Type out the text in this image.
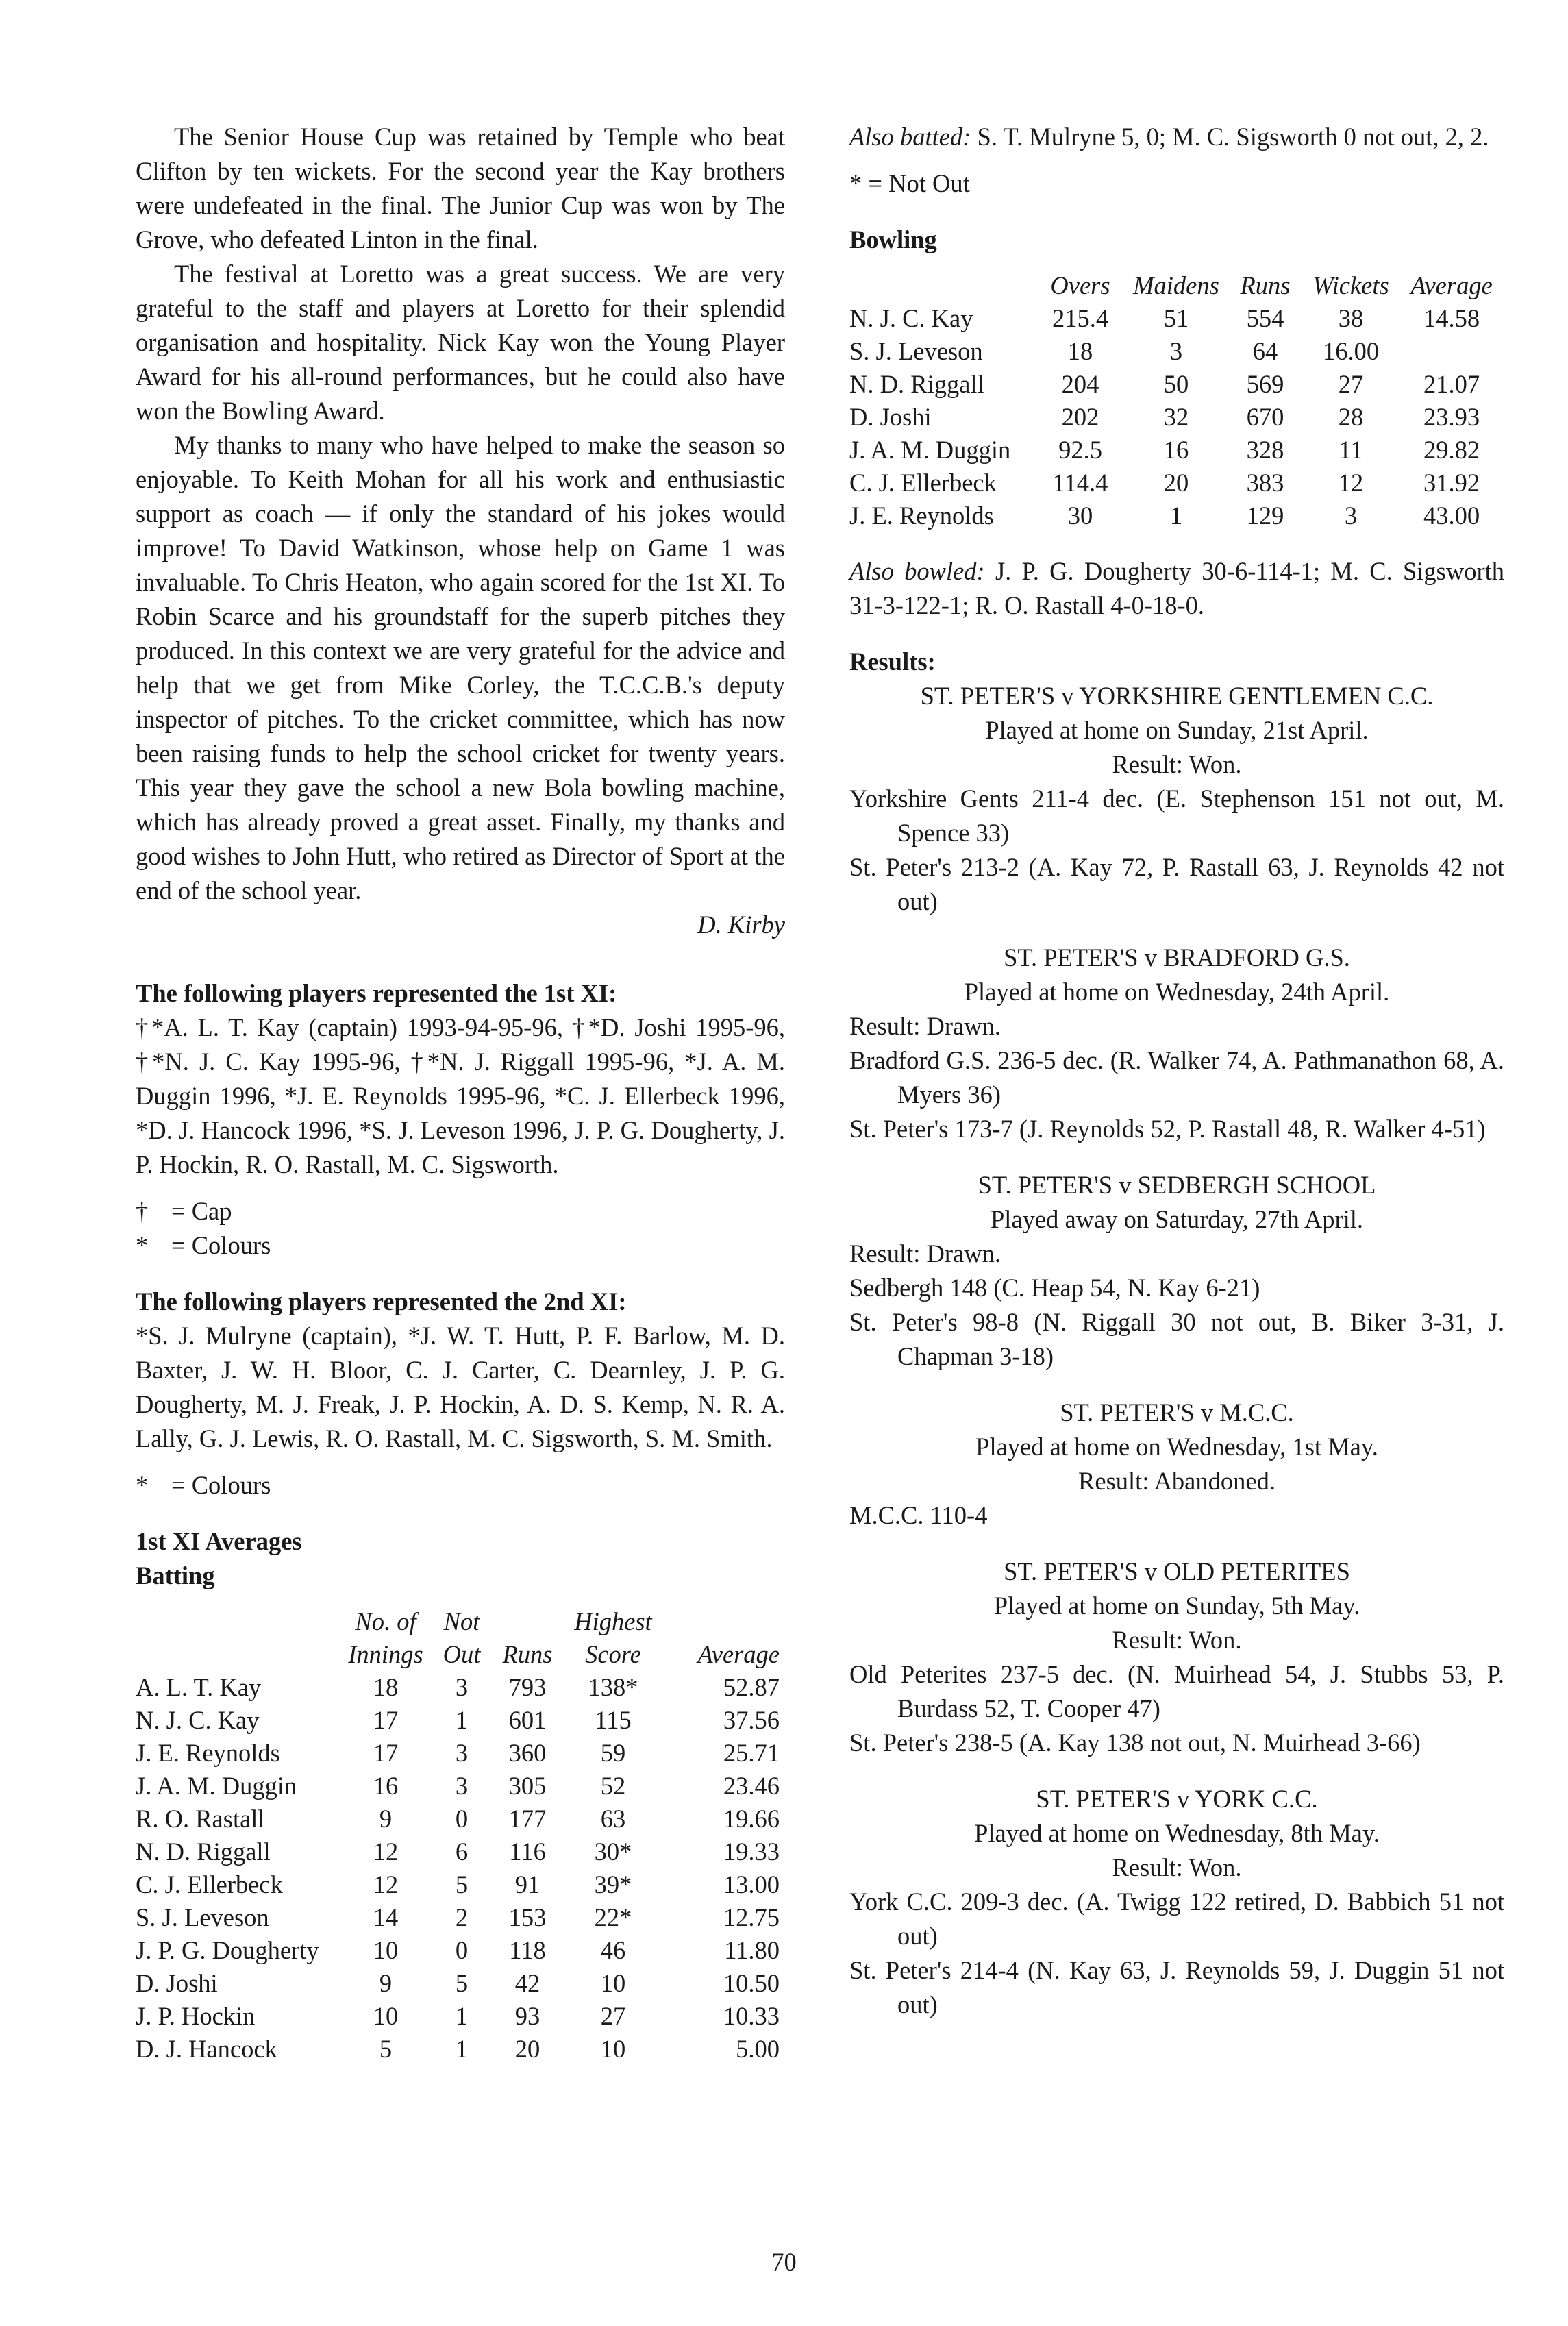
The Senior House Cup was retained by Temple who beat Clifton by ten wickets. For the second year the Kay brothers were undefeated in the final. The Junior Cup was won by The Grove, who defeated Linton in the final.

The festival at Loretto was a great success. We are very grateful to the staff and players at Loretto for their splendid organisation and hospitality. Nick Kay won the Young Player Award for his all-round performances, but he could also have won the Bowling Award.

My thanks to many who have helped to make the season so enjoyable. To Keith Mohan for all his work and enthusiastic support as coach — if only the standard of his jokes would improve! To David Watkinson, whose help on Game 1 was invaluable. To Chris Heaton, who again scored for the 1st XI. To Robin Scarce and his groundstaff for the superb pitches they produced. In this context we are very grateful for the advice and help that we get from Mike Corley, the T.C.C.B.'s deputy inspector of pitches. To the cricket committee, which has now been raising funds to help the school cricket for twenty years. This year they gave the school a new Bola bowling machine, which has already proved a great asset. Finally, my thanks and good wishes to John Hutt, who retired as Director of Sport at the end of the school year.

D. Kirby

The following players represented the 1st XI:

†*A. L. T. Kay (captain) 1993-94-95-96, †*D. Joshi 1995-96, †*N. J. C. Kay 1995-96, †*N. J. Riggall 1995-96, *J. A. M. Duggin 1996, *J. E. Reynolds 1995-96, *C. J. Ellerbeck 1996, *D. J. Hancock 1996, *S. J. Leveson 1996, J. P. G. Dougherty, J. P. Hockin, R. O. Rastall, M. C. Sigsworth.

† = Cap
* = Colours

The following players represented the 2nd XI:

*S. J. Mulryne (captain), *J. W. T. Hutt, P. F. Barlow, M. D. Baxter, J. W. H. Bloor, C. J. Carter, C. Dearnley, J. P. G. Dougherty, M. J. Freak, J. P. Hockin, A. D. S. Kemp, N. R. A. Lally, G. J. Lewis, R. O. Rastall, M. C. Sigsworth, S. M. Smith.

* = Colours

1st XI Averages

Batting

	No. of	Not		Highest	
	Innings	Out	Runs	Score	Average
A. L. T. Kay	18	3	793	138*	52.87
N. J. C. Kay	17	1	601	115	37.56
J. E. Reynolds	17	3	360	59	25.71
J. A. M. Duggin	16	3	305	52	23.46
R. O. Rastall	9	0	177	63	19.66
N. D. Riggall	12	6	116	30*	19.33
C. J. Ellerbeck	12	5	91	39*	13.00
S. J. Leveson	14	2	153	22*	12.75
J. P. G. Dougherty	10	0	118	46	11.80
D. Joshi	9	5	42	10	10.50
J. P. Hockin	10	1	93	27	10.33
D. J. Hancock	5	1	20	10	5.00

Also batted: S. T. Mulryne 5, 0; M. C. Sigsworth 0 not out, 2, 2.

* = Not Out

Bowling

	Overs	Maidens	Runs	Wickets	Average
N. J. C. Kay	215.4	51	554	38	14.58
S. J. Leveson	18	3	64	16.00	
N. D. Riggall	204	50	569	27	21.07
D. Joshi	202	32	670	28	23.93
J. A. M. Duggin	92.5	16	328	11	29.82
C. J. Ellerbeck	114.4	20	383	12	31.92
J. E. Reynolds	30	1	129	3	43.00

Also bowled: J. P. G. Dougherty 30-6-114-1; M. C. Sigsworth 31-3-122-1; R. O. Rastall 4-0-18-0.

Results:

ST. PETER'S v YORKSHIRE GENTLEMEN C.C.

Played at home on Sunday, 21st April.

Result: Won.

Yorkshire Gents 211-4 dec. (E. Stephenson 151 not out, M. Spence 33)

St. Peter's 213-2 (A. Kay 72, P. Rastall 63, J. Reynolds 42 not out)

ST. PETER'S v BRADFORD G.S.

Played at home on Wednesday, 24th April.

Result: Drawn.

Bradford G.S. 236-5 dec. (R. Walker 74, A. Pathmanathon 68, A. Myers 36)

St. Peter's 173-7 (J. Reynolds 52, P. Rastall 48, R. Walker 4-51)

ST. PETER'S v SEDBERGH SCHOOL

Played away on Saturday, 27th April.

Result: Drawn.

Sedbergh 148 (C. Heap 54, N. Kay 6-21)

St. Peter's 98-8 (N. Riggall 30 not out, B. Biker 3-31, J. Chapman 3-18)

ST. PETER'S v M.C.C.

Played at home on Wednesday, 1st May.

Result: Abandoned.

M.C.C. 110-4

ST. PETER'S v OLD PETERITES

Played at home on Sunday, 5th May.

Result: Won.

Old Peterites 237-5 dec. (N. Muirhead 54, J. Stubbs 53, P. Burdass 52, T. Cooper 47)

St. Peter's 238-5 (A. Kay 138 not out, N. Muirhead 3-66)

ST. PETER'S v YORK C.C.

Played at home on Wednesday, 8th May.

Result: Won.

York C.C. 209-3 dec. (A. Twigg 122 retired, D. Babbich 51 not out)

St. Peter's 214-4 (N. Kay 63, J. Reynolds 59, J. Duggin 51 not out)

70
